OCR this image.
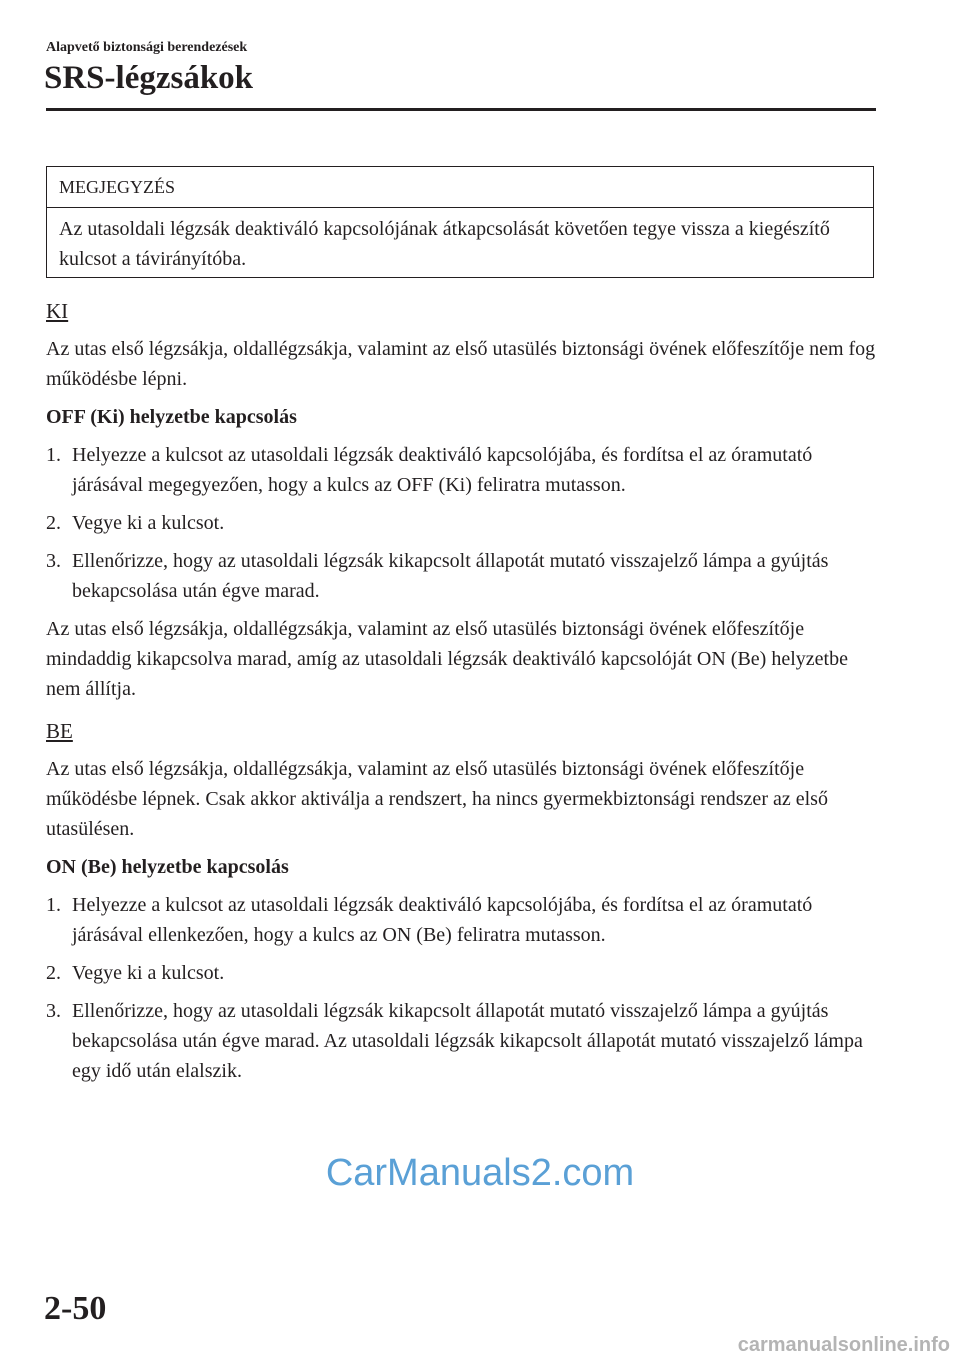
Alapvető biztonsági berendezések
SRS-légzsákok
MEGJEGYZÉS
Az utasoldali légzsák deaktiváló kapcsolójának átkapcsolását követően tegye vissza a kiegészítő kulcsot a távirányítóba.

KI

Az utas első légzsákja, oldallégzsákja, valamint az első utasülés biztonsági övének előfeszítője nem fog működésbe lépni.

OFF (Ki) helyzetbe kapcsolás

1. Helyezze a kulcsot az utasoldali légzsák deaktiváló kapcsolójába, és fordítsa el az óramutató járásával megegyezően, hogy a kulcs az OFF (Ki) feliratra mutasson.
2. Vegye ki a kulcsot.
3. Ellenőrizze, hogy az utasoldali légzsák kikapcsolt állapotát mutató visszajelző lámpa a gyújtás bekapcsolása után égve marad.

Az utas első légzsákja, oldallégzsákja, valamint az első utasülés biztonsági övének előfeszítője mindaddig kikapcsolva marad, amíg az utasoldali légzsák deaktiváló kapcsolóját ON (Be) helyzetbe nem állítja.

BE

Az utas első légzsákja, oldallégzsákja, valamint az első utasülés biztonsági övének előfeszítője működésbe lépnek. Csak akkor aktiválja a rendszert, ha nincs gyermekbiztonsági rendszer az első utasülésen.

ON (Be) helyzetbe kapcsolás

1. Helyezze a kulcsot az utasoldali légzsák deaktiváló kapcsolójába, és fordítsa el az óramutató járásával ellenkezően, hogy a kulcs az ON (Be) feliratra mutasson.
2. Vegye ki a kulcsot.
3. Ellenőrizze, hogy az utasoldali légzsák kikapcsolt állapotát mutató visszajelző lámpa a gyújtás bekapcsolása után égve marad. Az utasoldali légzsák kikapcsolt állapotát mutató visszajelző lámpa egy idő után elalszik.
CarManuals2.com
2-50
carmanualsonline.info
